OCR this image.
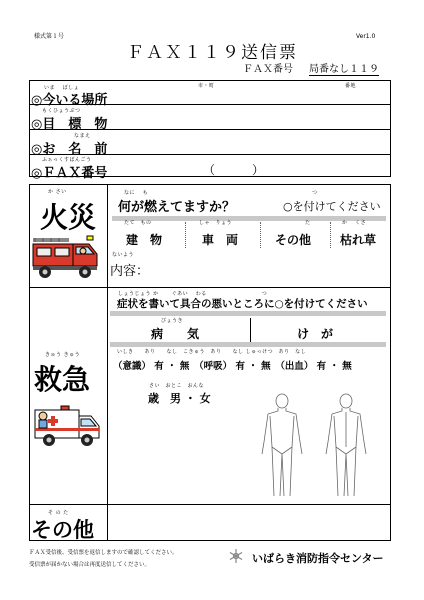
様式第１号	Ver1.0
ＦＡＸ１１９送信票
ＦＡＸ番号 局番なし１１９
いま　 ばしょ	市・町	番地
◎今いる場所
もくひょうぶつ
◎目　標　物
なまえ
◎お　名　前
ふぁっくすばんごう
◎ＦＡＸ番号	（	）
か さい
火災
なに　 も	つ
何が燃えてますか？	○を付けてください
たて　もの	しゃ　りょう	た	か　 くさ
建　物	車　両	その他 枯れ草
ないよう
内容：
きゅう きゅう
救急
しょうじょう か　　 ぐあい　 わる　　　　　　　　　　つ
症状を書いて具合の悪いところに○を付けてください
びょうき
病　　気	け　が
いしき　　あり　　なし　こきゅう　あり　　なし しゅっけつ　あり　なし
（意識） 有 ・ 無　（呼吸） 有 ・ 無　（出血） 有 ・ 無
さい　おとこ　おんな
歳　男 ・ 女
そ の た
その他
ＦＡＸ受信後、受信票を返信しますので確認してください。
受信票が届かない場合は再度送信してください。	いばらき消防指令センター
